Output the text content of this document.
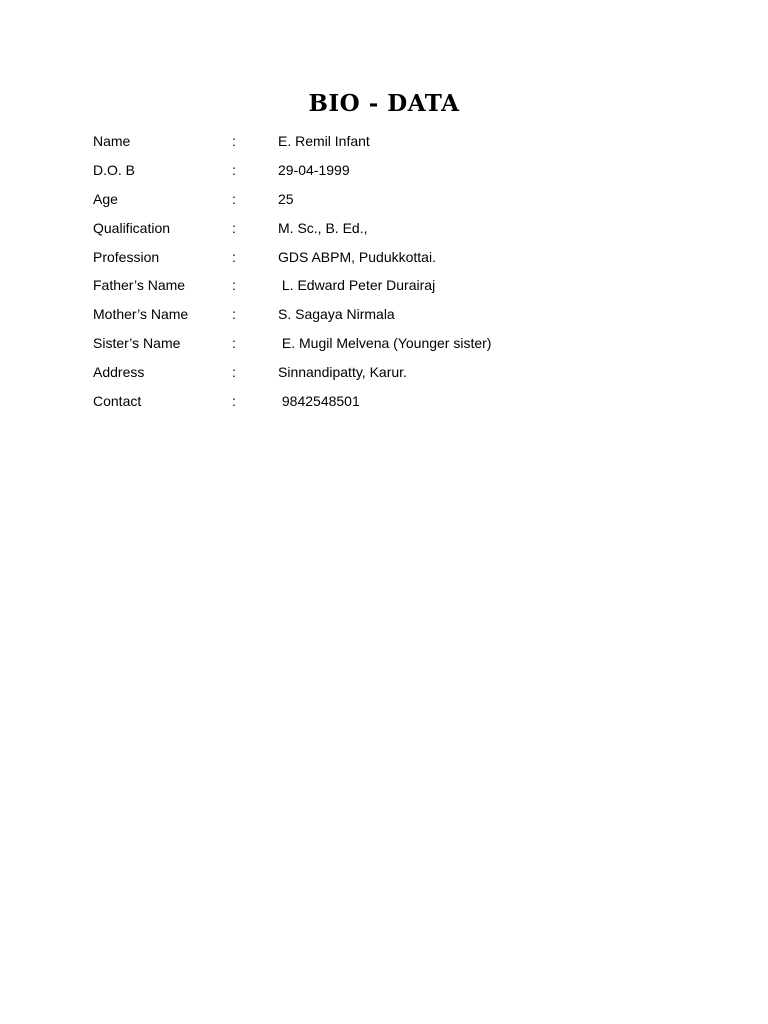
BIO - DATA
Name	:	E. Remil Infant
D.O. B	:	29-04-1999
Age	:	25
Qualification	:	M. Sc., B. Ed.,
Profession	:	GDS ABPM, Pudukkottai.
Father’s Name	:	L. Edward Peter Durairaj
Mother’s Name	:	S. Sagaya Nirmala
Sister’s Name	:	E. Mugil Melvena (Younger sister)
Address	:	Sinnandipatty, Karur.
Contact	:	9842548501
